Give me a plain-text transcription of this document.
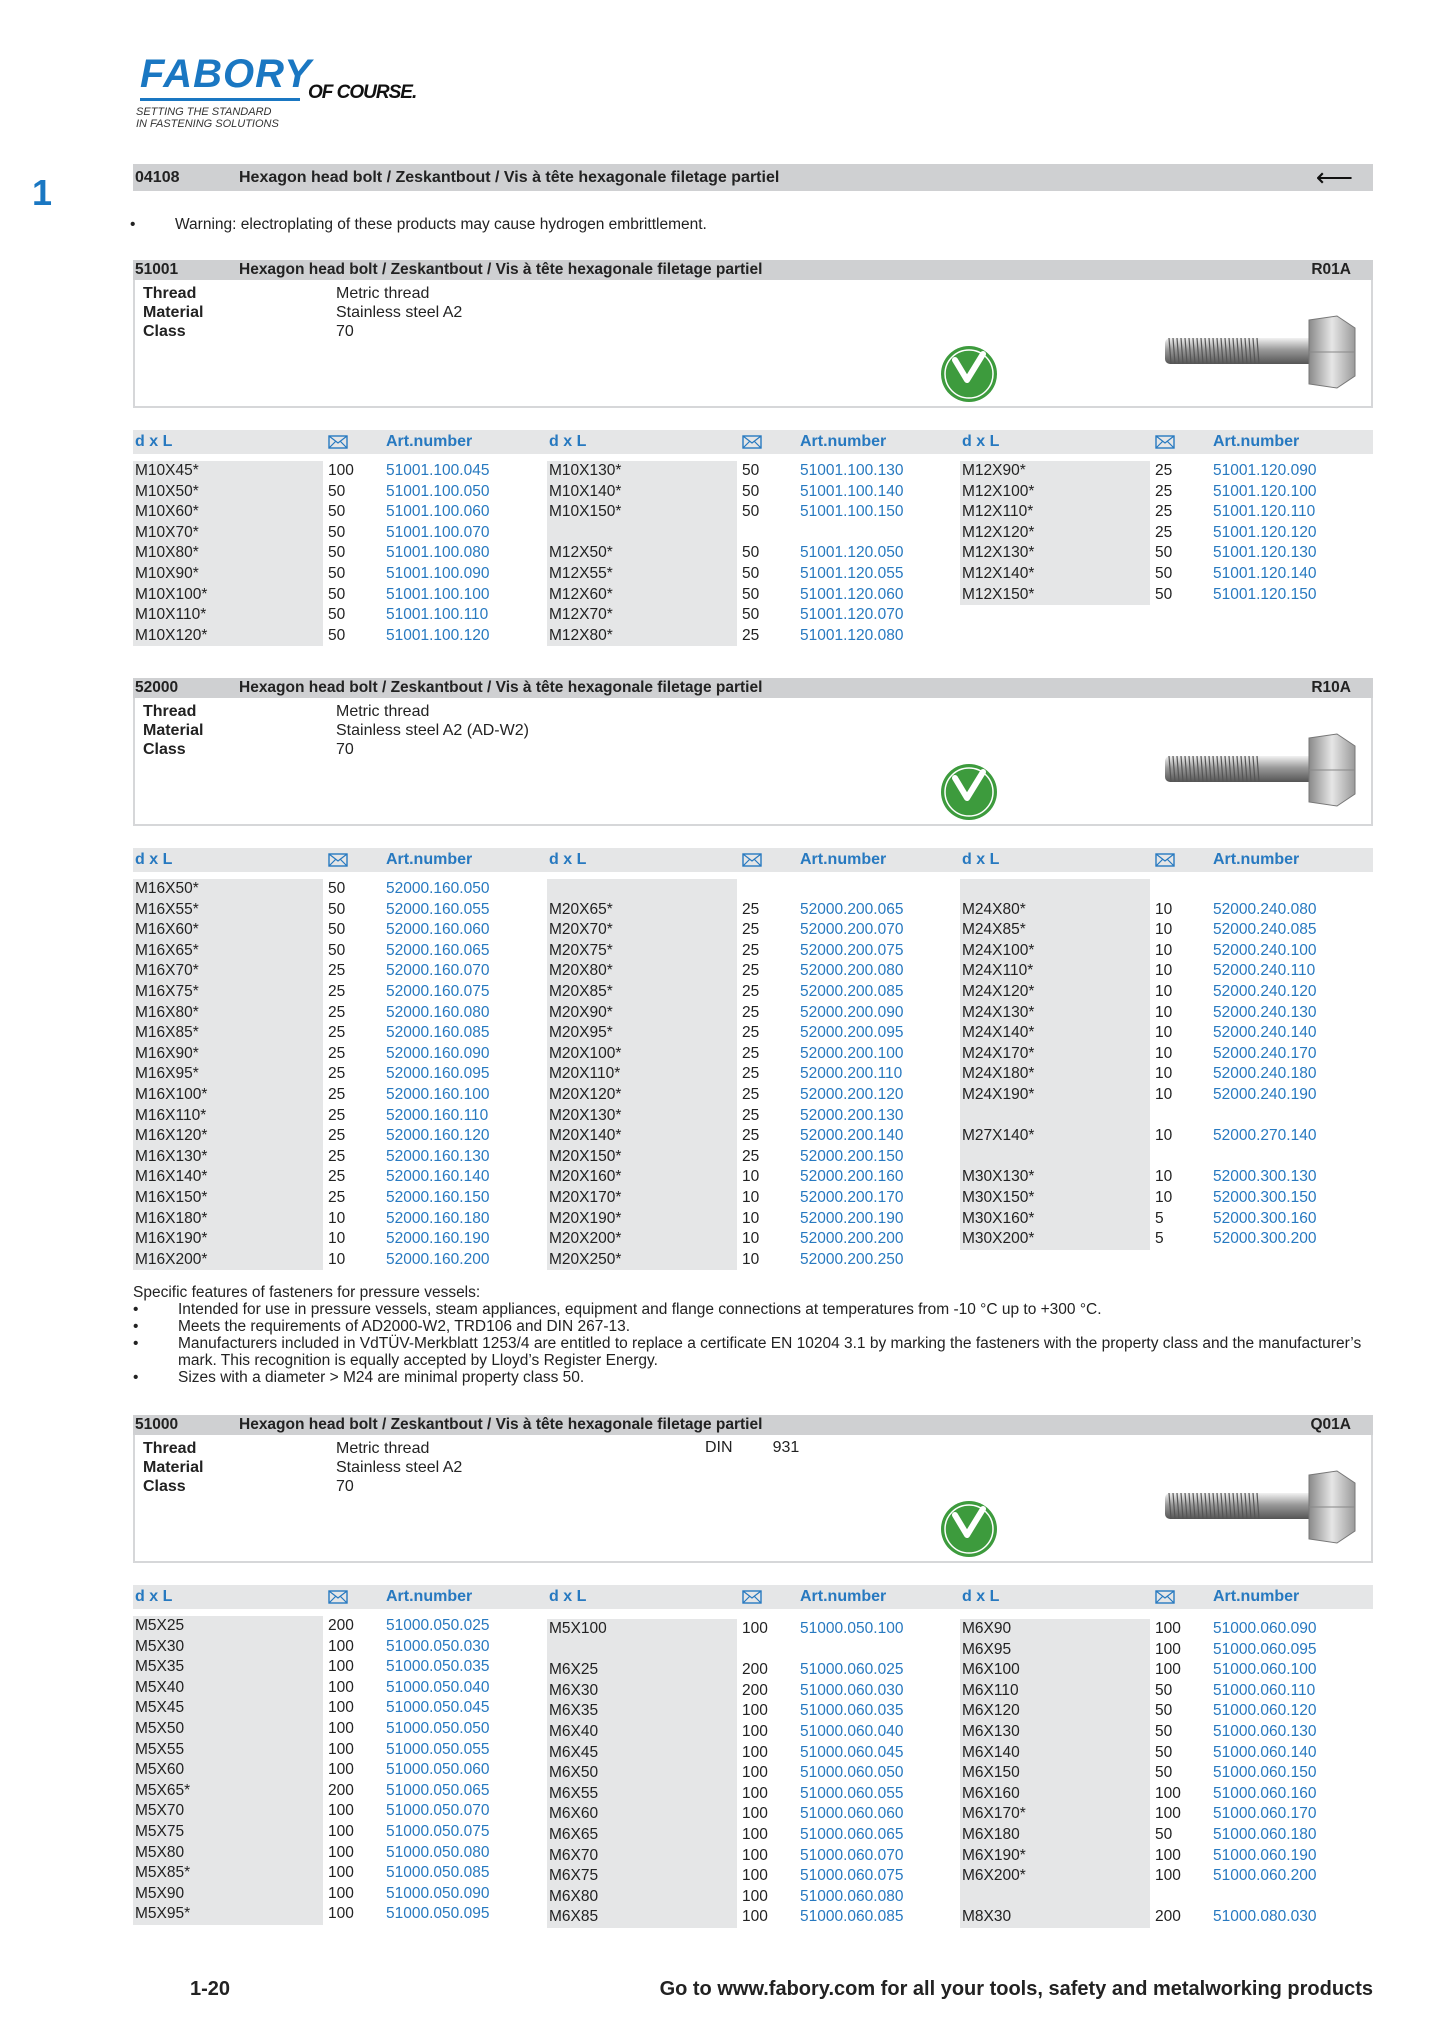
FABORY
OF COURSE.
SETTING THE STANDARD
IN FASTENING SOLUTIONS
1	04108	Hexagon head bolt / Zeskantbout / Vis à tête hexagonale filetage partiel	⟵
•	Warning: electroplating of these products may cause hydrogen embrittlement.
51001	Hexagon head bolt / Zeskantbout / Vis à tête hexagonale filetage partiel	R01A
Thread	Metric thread
Material	Stainless steel A2
Class	70
d x L	Art.number	d x L	Art.number	d x L	Art.number
M10X45*	100 51001.100.045
M10X50*	50	51001.100.050
M10X60*	50	51001.100.060
M10X70*	50	51001.100.070
M10X80*	50	51001.100.080
M10X90*	50	51001.100.090
M10X100*	50	51001.100.100
M10X110*	50	51001.100.110
M10X120*	50	51001.100.120
M10X130*	50	51001.100.130
M10X140*	50	51001.100.140
M10X150*	50	51001.100.150
M12X50*	50	51001.120.050
M12X55*	50	51001.120.055
M12X60*	50	51001.120.060
M12X70*	50	51001.120.070
M12X80*	25	51001.120.080
M12X90*	25	51001.120.090
M12X100*	25	51001.120.100
M12X110*	25	51001.120.110
M12X120*	25	51001.120.120
M12X130*	50	51001.120.130
M12X140*	50	51001.120.140
M12X150*	50	51001.120.150
52000	Hexagon head bolt / Zeskantbout / Vis à tête hexagonale filetage partiel	R10A
Thread	Metric thread
Material	Stainless steel A2 (AD-W2)
Class	70
d x L	Art.number	d x L	Art.number	d x L	Art.number
M16X50*	50	52000.160.050
M16X55*	50	52000.160.055
M16X60*	50	52000.160.060
M16X65*	50	52000.160.065
M16X70*	25	52000.160.070
M16X75*	25	52000.160.075
M16X80*	25	52000.160.080
M16X85*	25	52000.160.085
M16X90*	25	52000.160.090
M16X95*	25	52000.160.095
M16X100*	25	52000.160.100
M16X110*	25	52000.160.110
M16X120*	25	52000.160.120
M16X130*	25	52000.160.130
M16X140*	25	52000.160.140
M16X150*	25	52000.160.150
M16X180*	10	52000.160.180
M16X190*	10	52000.160.190
M16X200*	10	52000.160.200
M20X65*	25	52000.200.065
M20X70*	25	52000.200.070
M20X75*	25	52000.200.075
M20X80*	25	52000.200.080
M20X85*	25	52000.200.085
M20X90*	25	52000.200.090
M20X95*	25	52000.200.095
M20X100*	25	52000.200.100
M20X110*	25	52000.200.110
M20X120*	25	52000.200.120
M20X130*	25	52000.200.130
M20X140*	25	52000.200.140
M20X150*	25	52000.200.150
M20X160*	10	52000.200.160
M20X170*	10	52000.200.170
M20X190*	10	52000.200.190
M20X200*	10	52000.200.200
M20X250*	10	52000.200.250
M24X80*	10	52000.240.080
M24X85*	10	52000.240.085
M24X100*	10	52000.240.100
M24X110*	10	52000.240.110
M24X120*	10	52000.240.120
M24X130*	10	52000.240.130
M24X140*	10	52000.240.140
M24X170*	10	52000.240.170
M24X180*	10	52000.240.180
M24X190*	10	52000.240.190
M27X140*	10	52000.270.140
M30X130*	10	52000.300.130
M30X150*	10	52000.300.150
M30X160*	5	52000.300.160
M30X200*	5	52000.300.200
51000	Hexagon head bolt / Zeskantbout / Vis à tête hexagonale filetage partiel	Q01A
Thread	Metric thread
Material	Stainless steel A2
Class	70
DIN	931
d x L	Art.number	d x L	Art.number	d x L	Art.number
M5X25	200 51000.050.025
M5X30	100 51000.050.030
M5X35	100 51000.050.035
M5X40	100 51000.050.040
M5X45	100 51000.050.045
M5X50	100 51000.050.050
M5X55	100 51000.050.055
M5X60	100 51000.050.060
M5X65*	200 51000.050.065
M5X70	100 51000.050.070
M5X75	100 51000.050.075
M5X80	100 51000.050.080
M5X85*	100 51000.050.085
M5X90	100 51000.050.090
M5X95*	100 51000.050.095
M5X100	100 51000.050.100
M6X25	200 51000.060.025
M6X30	200 51000.060.030
M6X35	100 51000.060.035
M6X40	100 51000.060.040
M6X45	100 51000.060.045
M6X50	100 51000.060.050
M6X55	100 51000.060.055
M6X60	100 51000.060.060
M6X65	100 51000.060.065
M6X70	100 51000.060.070
M6X75	100 51000.060.075
M6X80	100 51000.060.080
M6X85	100 51000.060.085
M6X90	100 51000.060.090
M6X95	100 51000.060.095
M6X100	100 51000.060.100
M6X110	50	51000.060.110
M6X120	50	51000.060.120
M6X130	50	51000.060.130
M6X140	50	51000.060.140
M6X150	50	51000.060.150
M6X160	100 51000.060.160
M6X170*	100 51000.060.170
M6X180	50	51000.060.180
M6X190*	100 51000.060.190
M6X200*	100 51000.060.200
M8X30	200 51000.080.030
Specific features of fasteners for pressure vessels:
•	Intended for use in pressure vessels, steam appliances, equipment and flange connections at temperatures from -10 °C up to +300 °C.
•	Meets the requirements of AD2000-W2, TRD106 and DIN 267-13.
•	Manufacturers included in VdTÜV-Merkblatt 1253/4 are entitled to replace a certificate EN 10204 3.1 by marking the fasteners with the property class and the manufacturer’s mark. This recognition is equally accepted by Lloyd’s Register Energy.
•	Sizes with a diameter > M24 are minimal property class 50.
1-20	Go to www.fabory.com for all your tools, safety and metalworking products
